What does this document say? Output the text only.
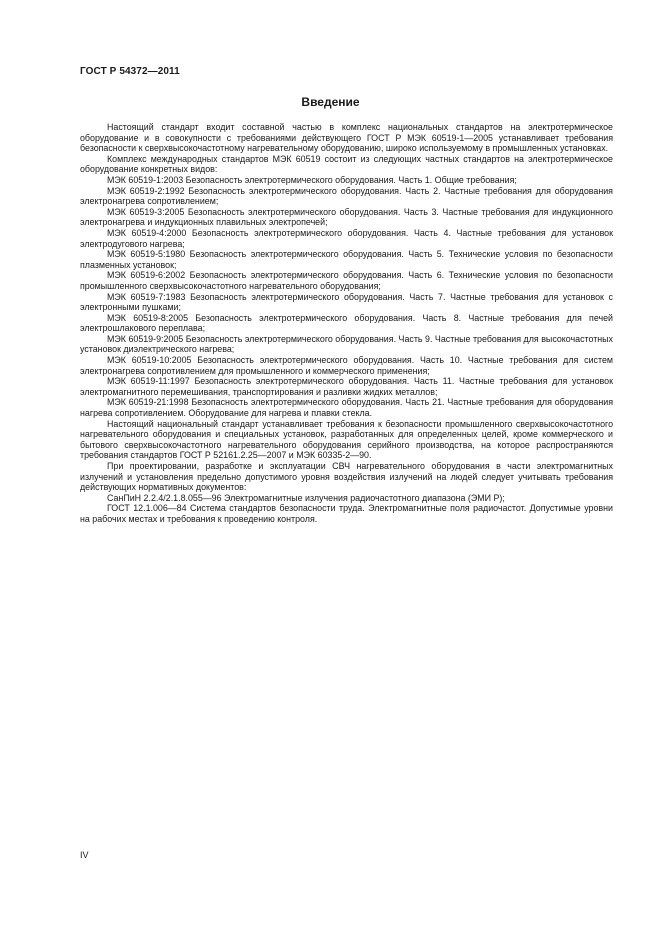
ГОСТ Р 54372—2011
Введение

Настоящий стандарт входит составной частью в комплекс национальных стандартов на электротермическое оборудование и в совокупности с требованиями действующего ГОСТ Р МЭК 60519-1—2005 устанавливает требования безопасности к сверхвысокочастотному нагревательному оборудованию, широко используемому в промышленных установках.

Комплекс международных стандартов МЭК 60519 состоит из следующих частных стандартов на электротермическое оборудование конкретных видов:

МЭК 60519-1:2003 Безопасность электротермического оборудования. Часть 1. Общие требования;

МЭК 60519-2:1992 Безопасность электротермического оборудования. Часть 2. Частные требования для оборудования электронагрева сопротивлением;

МЭК 60519-3:2005 Безопасность электротермического оборудования. Часть 3. Частные требования для индукционного электронагрева и индукционных плавильных электропечей;

МЭК 60519-4:2000 Безопасность электротермического оборудования. Часть 4. Частные требования для установок электродугового нагрева;

МЭК 60519-5:1980 Безопасность электротермического оборудования. Часть 5. Технические условия по безопасности плазменных установок;

МЭК 60519-6:2002 Безопасность электротермического оборудования. Часть 6. Технические условия по безопасности промышленного сверхвысокочастотного нагревательного оборудования;

МЭК 60519-7:1983 Безопасность электротермического оборудования. Часть 7. Частные требования для установок с электронными пушками;

МЭК 60519-8:2005 Безопасность электротермического оборудования. Часть 8. Частные требования для печей электрошлакового переплава;

МЭК 60519-9:2005 Безопасность электротермического оборудования. Часть 9. Частные требования для высокочастотных установок диэлектрического нагрева;

МЭК 60519-10:2005 Безопасность электротермического оборудования. Часть 10. Частные требования для систем электронагрева сопротивлением для промышленного и коммерческого применения;

МЭК 60519-11:1997 Безопасность электротермического оборудования. Часть 11. Частные требования для установок электромагнитного перемешивания, транспортирования и разливки жидких металлов;

МЭК 60519-21:1998 Безопасность электротермического оборудования. Часть 21. Частные требования для оборудования нагрева сопротивлением. Оборудование для нагрева и плавки стекла.

Настоящий национальный стандарт устанавливает требования к безопасности промышленного сверхвысокочастотного нагревательного оборудования и специальных установок, разработанных для определенных целей, кроме коммерческого и бытового сверхвысокочастотного нагревательного оборудования серийного производства, на которое распространяются требования стандартов ГОСТ Р 52161.2.25—2007 и МЭК 60335-2—90.

При проектировании, разработке и эксплуатации СВЧ нагревательного оборудования в части электромагнитных излучений и установления предельно допустимого уровня воздействия излучений на людей следует учитывать требования действующих нормативных документов:

СанПиН 2.2.4/2.1.8.055—96 Электромагнитные излучения радиочастотного диапазона (ЭМИ Р);

ГОСТ 12.1.006—84 Система стандартов безопасности труда. Электромагнитные поля радиочастот. Допустимые уровни на рабочих местах и требования к проведению контроля.

IV
